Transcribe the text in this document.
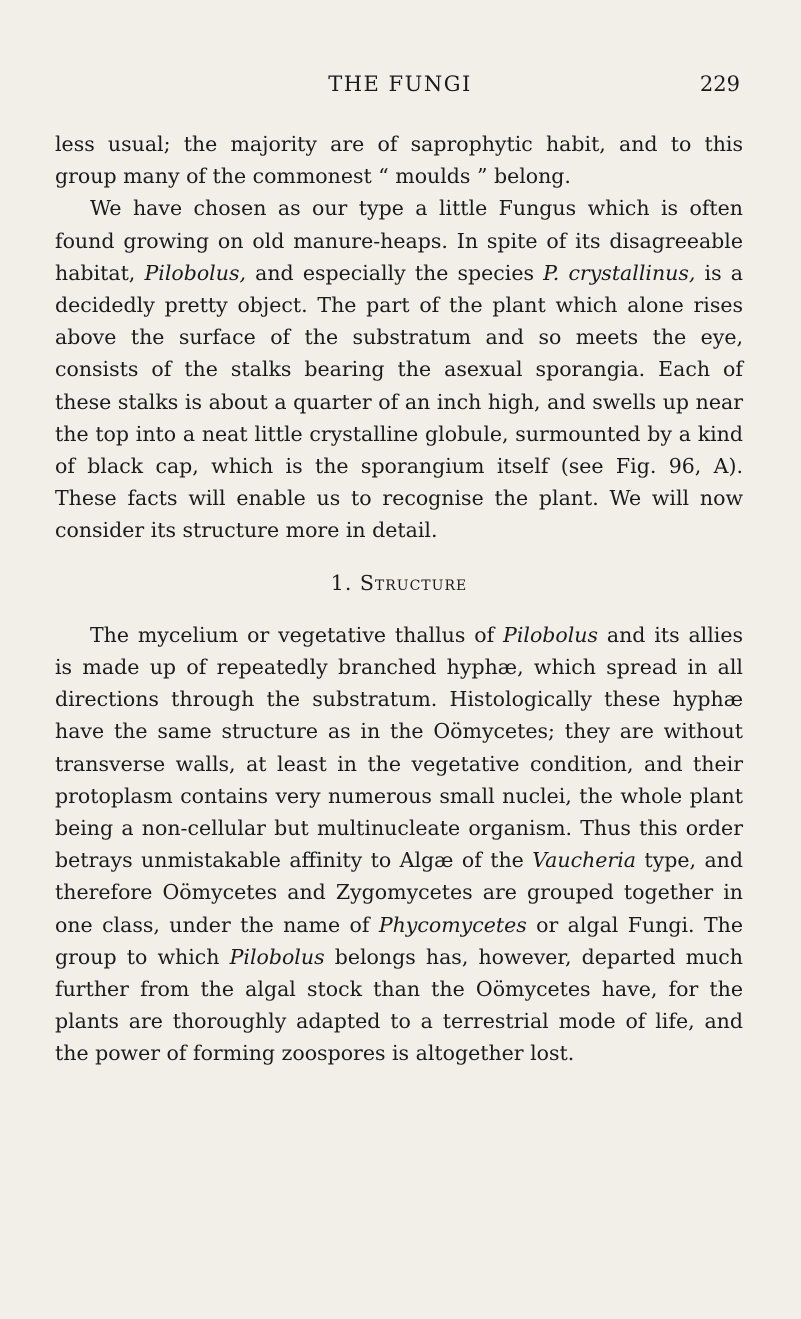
THE FUNGI	229

less usual; the majority are of saprophytic habit, and to this group many of the commonest “ moulds ” belong.

We have chosen as our type a little Fungus which is often found growing on old manure-heaps. In spite of its disagreeable habitat, Pilobolus, and especially the species P. crystallinus, is a decidedly pretty object. The part of the plant which alone rises above the surface of the substratum and so meets the eye, consists of the stalks bearing the asexual sporangia. Each of these stalks is about a quarter of an inch high, and swells up near the top into a neat little crystalline globule, surmounted by a kind of black cap, which is the sporangium itself (see Fig. 96, A). These facts will enable us to recognise the plant. We will now consider its structure more in detail.

1. Structure

The mycelium or vegetative thallus of Pilobolus and its allies is made up of repeatedly branched hyphæ, which spread in all directions through the substratum. Histologically these hyphæ have the same structure as in the Oömycetes; they are without transverse walls, at least in the vegetative condition, and their protoplasm contains very numerous small nuclei, the whole plant being a non-cellular but multinucleate organism. Thus this order betrays unmistakable affinity to Algæ of the Vaucheria type, and therefore Oömycetes and Zygomycetes are grouped together in one class, under the name of Phycomycetes or algal Fungi. The group to which Pilobolus belongs has, however, departed much further from the algal stock than the Oömycetes have, for the plants are thoroughly adapted to a terrestrial mode of life, and the power of forming zoospores is altogether lost.
